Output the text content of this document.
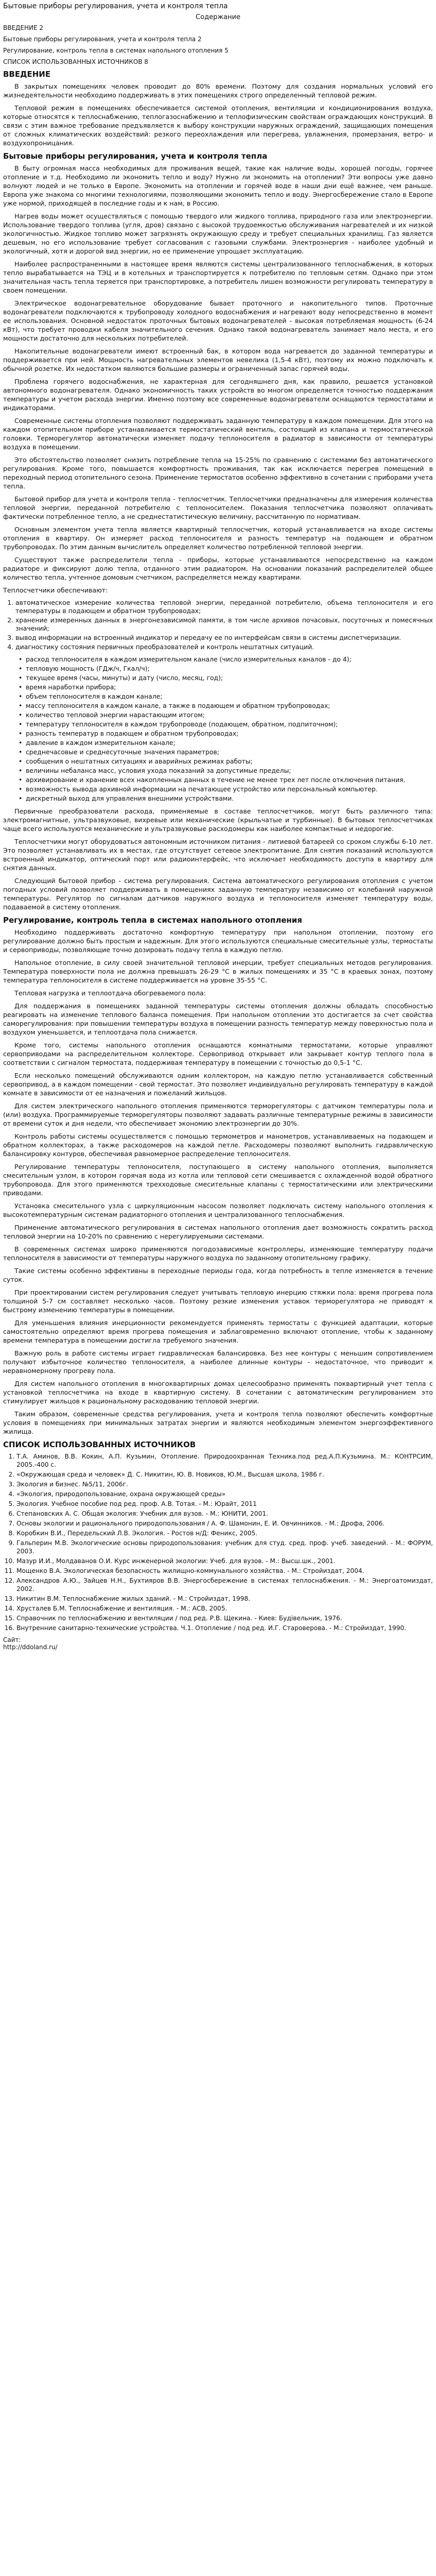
Бытовые приборы регулирования, учета и контроля тепла
Содержание
ВВЕДЕНИЕ 2
Бытовые приборы регулирования, учета и контроля тепла 2
Регулирование, контроль тепла в системах напольного отопления 5
СПИСОК ИСПОЛЬЗОВАННЫХ ИСТОЧНИКОВ 8
ВВЕДЕНИЕ

В закрытых помещениях человек проводит до 80% времени. Поэтому для создания нормальных условий его жизнедеятельности необходимо поддерживать в этих помещениях строго определенный тепловой режим.

Тепловой режим в помещениях обеспечивается системой отопления, вентиляции и кондиционирования воздуха, которые относятся к теплоснабжению, теплогазоснабжению и теплофизическим свойствам ограждающих конструкций. В связи с этим важное требование предъявляется к выбору конструкции наружных ограждений, защищающих помещения от сложных климатических воздействий: резкого переохлаждения или перегрева, увлажнения, промерзания, ветро- и воздухопроницания.

Бытовые приборы регулирования, учета и контроля тепла

В быту огромная масса необходимых для проживания вещей, такие как наличие воды, хорошей погоды, горячее отопление и т.д. Необходимо ли экономить тепло и воду? Нужно ли экономить на отоплении? Эти вопросы уже давно волнуют людей и не только в Европе. Экономить на отоплении и горячей воде в наши дни ещё важнее, чем раньше. Европа уже знакома со многими технологиями, позволяющими экономить тепло и воду. Энергосбережение стало в Европе уже нормой, приходящей в последние годы и к нам, в Россию.

Нагрев воды может осуществляться с помощью твердого или жидкого топлива, природного газа или электроэнергии. Использование твердого топлива (угля, дров) связано с высокой трудоемкостью обслуживания нагревателей и их низкой экологичностью. Жидкое топливо может загрязнять окружающую среду и требует специальных хранилищ. Газ является дешевым, но его использование требует согласования с газовыми службами. Электроэнергия - наиболее удобный и экологичный, хотя и дорогой вид энергии, но ее применение упрощает эксплуатацию.

Наиболее распространенными в настоящее время являются системы централизованного теплоснабжения, в которых тепло вырабатывается на ТЭЦ и в котельных и транспортируется к потребителю по тепловым сетям. Однако при этом значительная часть тепла теряется при транспортировке, а потребитель лишен возможности регулировать температуру в своем помещении.

Электрическое водонагревательное оборудование бывает проточного и накопительного типов. Проточные водонагреватели подключаются к трубопроводу холодного водоснабжения и нагревают воду непосредственно в момент ее использования. Основной недостаток проточных бытовых водонагревателей - высокая потребляемая мощность (6-24 кВт), что требует проводки кабеля значительного сечения. Однако такой водонагреватель занимает мало места, и его мощности достаточно для нескольких потребителей.

Накопительные водонагреватели имеют встроенный бак, в котором вода нагревается до заданной температуры и поддерживается при ней. Мощность нагревательных элементов невелика (1,5-4 кВт), поэтому их можно подключать к обычной розетке. Их недостатком являются большие размеры и ограниченный запас горячей воды.

Проблема горячего водоснабжения, не характерная для сегодняшнего дня, как правило, решается установкой автономного водонагревателя. Однако экономичность таких устройств во многом определяется точностью поддержания температуры и учетом расхода энергии. Именно поэтому все современные водонагреватели оснащаются термостатами и индикаторами.

Современные системы отопления позволяют поддерживать заданную температуру в каждом помещении. Для этого на каждом отопительном приборе устанавливается термостатический вентиль, состоящий из клапана и термостатической головки. Терморегулятор автоматически изменяет подачу теплоносителя в радиатор в зависимости от температуры воздуха в помещении.

Это обстоятельство позволяет снизить потребление тепла на 15-25% по сравнению с системами без автоматического регулирования. Кроме того, повышается комфортность проживания, так как исключается перегрев помещений в переходный период отопительного сезона. Применение термостатов особенно эффективно в сочетании с приборами учета тепла.

Бытовой прибор для учета и контроля тепла - теплосчетчик. Теплосчетчики предназначены для измерения количества тепловой энергии, переданной потребителю с теплоносителем. Показания теплосчетчика позволяют оплачивать фактически потребленное тепло, а не среднестатистическую величину, рассчитанную по нормативам.

Основным элементом учета тепла является квартирный теплосчетчик, который устанавливается на входе системы отопления в квартиру. Он измеряет расход теплоносителя и разность температур на подающем и обратном трубопроводах. По этим данным вычислитель определяет количество потребленной тепловой энергии.

Существуют также распределители тепла - приборы, которые устанавливаются непосредственно на каждом радиаторе и фиксируют долю тепла, отданного этим радиатором. На основании показаний распределителей общее количество тепла, учтенное домовым счетчиком, распределяется между квартирами.

Теплосчетчики обеспечивают:

1. автоматическое измерение количества тепловой энергии, переданной потребителю, объема теплоносителя и его температуры в подающем и обратном трубопроводах;
2. хранение измеренных данных в энергонезависимой памяти, в том числе архивов почасовых, посуточных и помесячных значений;
3. вывод информации на встроенный индикатор и передачу ее по интерфейсам связи в системы диспетчеризации.
4. диагностику состояния первичных преобразователей и контроль нештатных ситуаций.
• расход теплоносителя в каждом измерительном канале (число измерительных каналов - до 4);
• тепловую мощность (ГДж/ч, Гкал/ч);
• текущее время (часы, минуты) и дату (число, месяц, год);
• время наработки прибора;
• объем теплоносителя в каждом канале;
• массу теплоносителя в каждом канале, а также в подающем и обратном трубопроводах;
• количество тепловой энергии нарастающим итогом;
• температуру теплоносителя в каждом трубопроводе (подающем, обратном, подпиточном);
• разность температур в подающем и обратном трубопроводах;
• давление в каждом измерительном канале;
• среднечасовые и среднесуточные значения параметров;
• сообщения о нештатных ситуациях и аварийных режимах работы;
• величины небаланса масс, условия ухода показаний за допустимые пределы;
• архивирование и хранение всех накопленных данных в течение не менее трех лет после отключения питания.
• возможность вывода архивной информации на печатающее устройство или персональный компьютер.
• дискретный выход для управления внешними устройствами.

Первичные преобразователи расхода, применяемые в составе теплосчетчиков, могут быть различного типа: электромагнитные, ультразвуковые, вихревые или механические (крыльчатые и турбинные). В бытовых теплосчетчиках чаще всего используются механические и ультразвуковые расходомеры как наиболее компактные и недорогие.

Теплосчетчики могут оборудоваться автономным источником питания - литиевой батареей со сроком службы 6-10 лет. Это позволяет устанавливать их в местах, где отсутствует сетевое электропитание. Для снятия показаний используются встроенный индикатор, оптический порт или радиоинтерфейс, что исключает необходимость доступа в квартиру для снятия данных.

Следующий бытовой прибор - система регулирования. Система автоматического регулирования отопления с учетом погодных условий позволяет поддерживать в помещениях заданную температуру независимо от колебаний наружной температуры. Регулятор по сигналам датчиков наружного воздуха и теплоносителя изменяет температуру воды, подаваемой в систему отопления.

Регулирование, контроль тепла в системах напольного отопления

Необходимо поддерживать достаточно комфортную температуру при напольном отоплении, поэтому его регулирование должно быть простым и надежным. Для этого используются специальные смесительные узлы, термостаты и сервоприводы, позволяющие точно дозировать подачу тепла в каждую петлю.

Напольное отопление, в силу своей значительной тепловой инерции, требует специальных методов регулирования. Температура поверхности пола не должна превышать 26-29 °С в жилых помещениях и 35 °С в краевых зонах, поэтому температура теплоносителя в системе поддерживается на уровне 35-55 °С.

Тепловая нагрузка и теплоотдача обогреваемого пола:

Для поддержания в помещениях заданной температуры системы отопления должны обладать способностью реагировать на изменение теплового баланса помещения. При напольном отоплении это достигается за счет свойства саморегулирования: при повышении температуры воздуха в помещении разность температур между поверхностью пола и воздухом уменьшается, и теплоотдача пола снижается.

Кроме того, системы напольного отопления оснащаются комнатными термостатами, которые управляют сервоприводами на распределительном коллекторе. Сервопривод открывает или закрывает контур теплого пола в соответствии с сигналом термостата, поддерживая температуру в помещении с точностью до 0,5-1 °С.

Если несколько помещений обслуживаются одним коллектором, на каждую петлю устанавливается собственный сервопривод, а в каждом помещении - свой термостат. Это позволяет индивидуально регулировать температуру в каждой комнате в зависимости от ее назначения и пожеланий жильцов.

Для систем электрического напольного отопления применяются терморегуляторы с датчиком температуры пола и (или) воздуха. Программируемые терморегуляторы позволяют задавать различные температурные режимы в зависимости от времени суток и дня недели, что обеспечивает экономию электроэнергии до 30%.

Контроль работы системы осуществляется с помощью термометров и манометров, устанавливаемых на подающем и обратном коллекторах, а также расходомеров на каждой петле. Расходомеры позволяют выполнить гидравлическую балансировку контуров, обеспечивая равномерное распределение теплоносителя.

Регулирование температуры теплоносителя, поступающего в систему напольного отопления, выполняется смесительным узлом, в котором горячая вода из котла или тепловой сети смешивается с охлажденной водой обратного трубопровода. Для этого применяются трехходовые смесительные клапаны с термостатическими или электрическими приводами.

Установка смесительного узла с циркуляционным насосом позволяет подключать систему напольного отопления к высокотемпературным системам радиаторного отопления и централизованного теплоснабжения.

Применение автоматического регулирования в системах напольного отопления дает возможность сократить расход тепловой энергии на 10-20% по сравнению с нерегулируемыми системами.

В современных системах широко применяются погодозависимые контроллеры, изменяющие температуру подачи теплоносителя в зависимости от температуры наружного воздуха по заданному отопительному графику.

Такие системы особенно эффективны в переходные периоды года, когда потребность в тепле изменяется в течение суток.

При проектировании систем регулирования следует учитывать тепловую инерцию стяжки пола: время прогрева пола толщиной 5-7 см составляет несколько часов. Поэтому резкие изменения уставок терморегулятора не приводят к быстрому изменению температуры в помещении.

Для уменьшения влияния инерционности рекомендуется применять термостаты с функцией адаптации, которые самостоятельно определяют время прогрева помещения и заблаговременно включают отопление, чтобы к заданному времени температура в помещении достигла требуемого значения.

Важную роль в работе системы играет гидравлическая балансировка. Без нее контуры с меньшим сопротивлением получают избыточное количество теплоносителя, а наиболее длинные контуры - недостаточное, что приводит к неравномерному прогреву пола.

Для систем напольного отопления в многоквартирных домах целесообразно применять поквартирный учет тепла с установкой теплосчетчика на входе в квартирную систему. В сочетании с автоматическим регулированием это стимулирует жильцов к рациональному расходованию тепловой энергии.

Таким образом, современные средства регулирования, учета и контроля тепла позволяют обеспечить комфортные условия в помещениях при минимальных затратах энергии и являются необходимым элементом энергоэффективного жилища.

СПИСОК ИСПОЛЬЗОВАННЫХ ИСТОЧНИКОВ
1. Т.А. Аминов, В.В. Кокин, А.П. Кузьмин, Отопление. Природоохранная Техника.под ред.А.П.Кузьмина. М.: КОНТРСИМ, 2005.-400 с.
2. «Окружающая среда и человек» Д. С. Никитин, Ю. В. Новиков, Ю.М., Высшая школа, 1986 г.
3. Экология и бизнес. №5/11, 2006г.
4. «Экология, природопользование, охрана окружающей среды»
5. Экология. Учебное пособие под ред. проф. А.В. Тотая. - М.: Юрайт, 2011
6. Степановских А. С. Общая экология: Учебник для вузов. - М.: ЮНИТИ, 2001.
7. Основы экологии и рационального природопользования / А. Ф. Шамонин, Е. И. Овчинников. - М.: Дрофа, 2006.
8. Коробкин В.И., Передельский Л.В. Экология. - Ростов н/Д: Феникс, 2005.
9. Гальперин М.В. Экологические основы природопользования: учебник для студ. сред. проф. учеб. заведений. - М.: ФОРУМ, 2003.
10. Мазур И.И., Молдаванов О.И. Курс инженерной экологии: Учеб. для вузов. - М.: Высш.шк., 2001.
11. Мощенко В.А. Экологическая безопасность жилищно-коммунального хозяйства. - М.: Стройиздат, 2004.
12. Александров А.Ю., Зайцев Н.Н., Бухтияров В.В. Энергосбережение в системах теплоснабжения. - М.: Энергоатомиздат, 2002.
13. Никитин В.М. Теплоснабжение жилых зданий. - М.: Стройиздат, 1998.
14. Хрусталев Б.М. Теплоснабжение и вентиляция. - М.: АСВ, 2005.
15. Справочник по теплоснабжению и вентиляции / под ред. Р.В. Щекина. - Киев: Будівельник, 1976.
16. Внутренние санитарно-технические устройства. Ч.1. Отопление / под ред. И.Г. Староверова. - М.: Стройиздат, 1990.
Сайт:
http://ddoland.ru/
